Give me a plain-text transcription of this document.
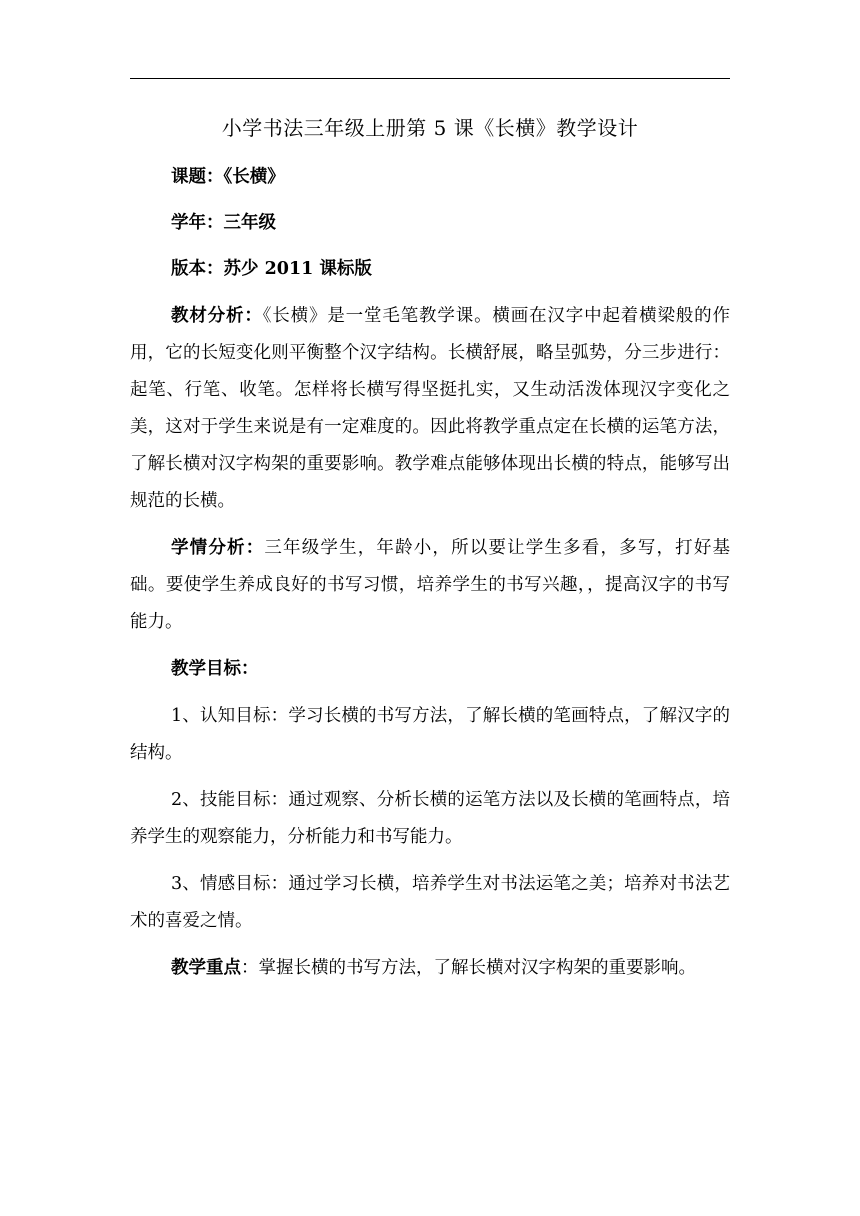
小学书法三年级上册第 5 课《长横》教学设计

课题：《长横》

学年：三年级

版本：苏少 2011 课标版

教材分析：《长横》是一堂毛笔教学课。横画在汉字中起着横梁般的作用，它的长短变化则平衡整个汉字结构。长横舒展，略呈弧势，分三步进行：起笔、行笔、收笔。怎样将长横写得坚挺扎实，又生动活泼体现汉字变化之美，这对于学生来说是有一定难度的。因此将教学重点定在长横的运笔方法，了解长横对汉字构架的重要影响。教学难点能够体现出长横的特点，能够写出规范的长横。

学情分析：三年级学生，年龄小，所以要让学生多看，多写，打好基础。要使学生养成良好的书写习惯，培养学生的书写兴趣，，提高汉字的书写能力。

教学目标：

1、认知目标：学习长横的书写方法，了解长横的笔画特点，了解汉字的结构。

2、技能目标：通过观察、分析长横的运笔方法以及长横的笔画特点，培养学生的观察能力，分析能力和书写能力。

3、情感目标：通过学习长横，培养学生对书法运笔之美；培养对书法艺术的喜爱之情。

教学重点：掌握长横的书写方法，了解长横对汉字构架的重要影响。
